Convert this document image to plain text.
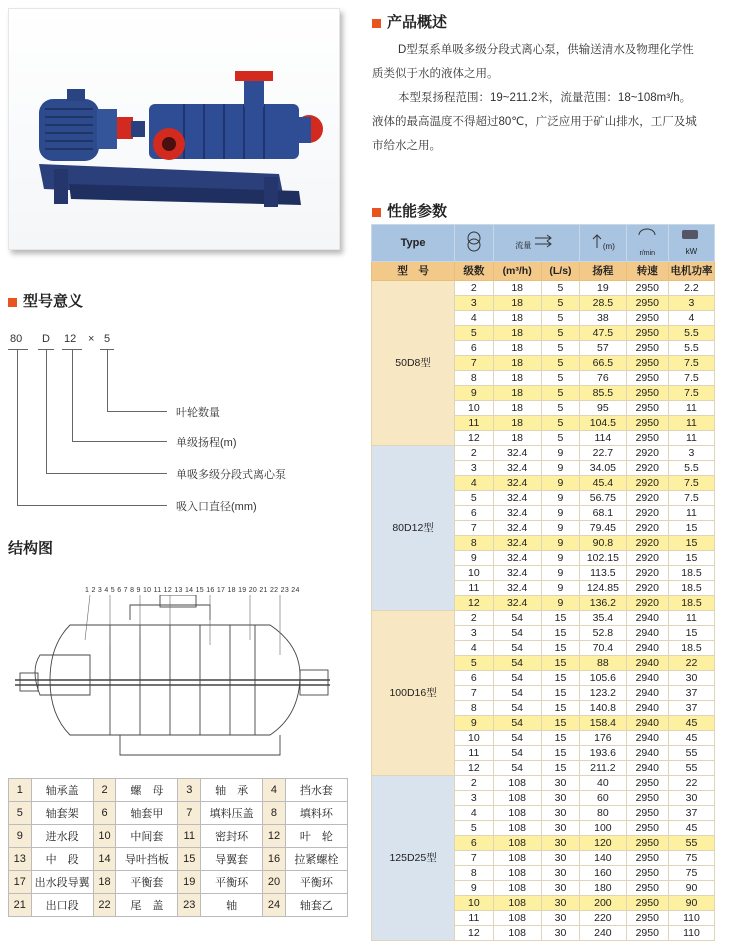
产品概述
D型泵系单吸多级分段式离心泵，供输送清水及物理化学性
质类似于水的液体之用。
本型泵扬程范围：19~211.2米，流量范围：18~108m³/h。
液体的最高温度不得超过80℃，广泛应用于矿山排水，工厂及城
市给水之用。
型号意义
80 D 12 × 5
叶轮数量
单级扬程(m)
单吸多级分段式离心泵
吸入口直径(mm)
结构图
1 2 3 4 5 6 7 8 9 10 11 12 13 14 15 16 17 18 19 20 21 22 23 24
1	轴承盖	2	螺　母	3	轴　承	4	挡水套
5	轴套架	6	轴套甲	7	填料压盖	8	填料环
9	进水段	10	中间套	11	密封环	12	叶　轮
13	中　段	14	导叶挡板	15	导翼套	16	拉紧螺栓
17	出水段导翼	18	平衡套	19	平衡环	20	平衡环
21	出口段	22	尾　盖	23	轴	24	轴套乙
性能参数
Type		流量		(m)	r/min	kW

型　号	级数	(m³/h)	(L/s)	扬程	转速	电机功率
50D8型	2	18	5	19	2950	2.2
	3	18	5	28.5	2950	3
	4	18	5	38	2950	4
	5	18	5	47.5	2950	5.5
	6	18	5	57	2950	5.5
	7	18	5	66.5	2950	7.5
	8	18	5	76	2950	7.5
	9	18	5	85.5	2950	7.5
	10	18	5	95	2950	11
	11	18	5	104.5	2950	11
	12	18	5	114	2950	11
80D12型	2	32.4	9	22.7	2920	3
	3	32.4	9	34.05	2920	5.5
	4	32.4	9	45.4	2920	7.5
	5	32.4	9	56.75	2920	7.5
	6	32.4	9	68.1	2920	11
	7	32.4	9	79.45	2920	15
	8	32.4	9	90.8	2920	15
	9	32.4	9	102.15	2920	15
	10	32.4	9	113.5	2920	18.5
	11	32.4	9	124.85	2920	18.5
	12	32.4	9	136.2	2920	18.5
100D16型	2	54	15	35.4	2940	11
	3	54	15	52.8	2940	15
	4	54	15	70.4	2940	18.5
	5	54	15	88	2940	22
	6	54	15	105.6	2940	30
	7	54	15	123.2	2940	37
	8	54	15	140.8	2940	37
	9	54	15	158.4	2940	45
	10	54	15	176	2940	45
	11	54	15	193.6	2940	55
	12	54	15	211.2	2940	55
125D25型	2	108	30	40	2950	22
	3	108	30	60	2950	30
	4	108	30	80	2950	37
	5	108	30	100	2950	45
	6	108	30	120	2950	55
	7	108	30	140	2950	75
	8	108	30	160	2950	75
	9	108	30	180	2950	90
	10	108	30	200	2950	90
	11	108	30	220	2950	110
	12	108	30	240	2950	110
